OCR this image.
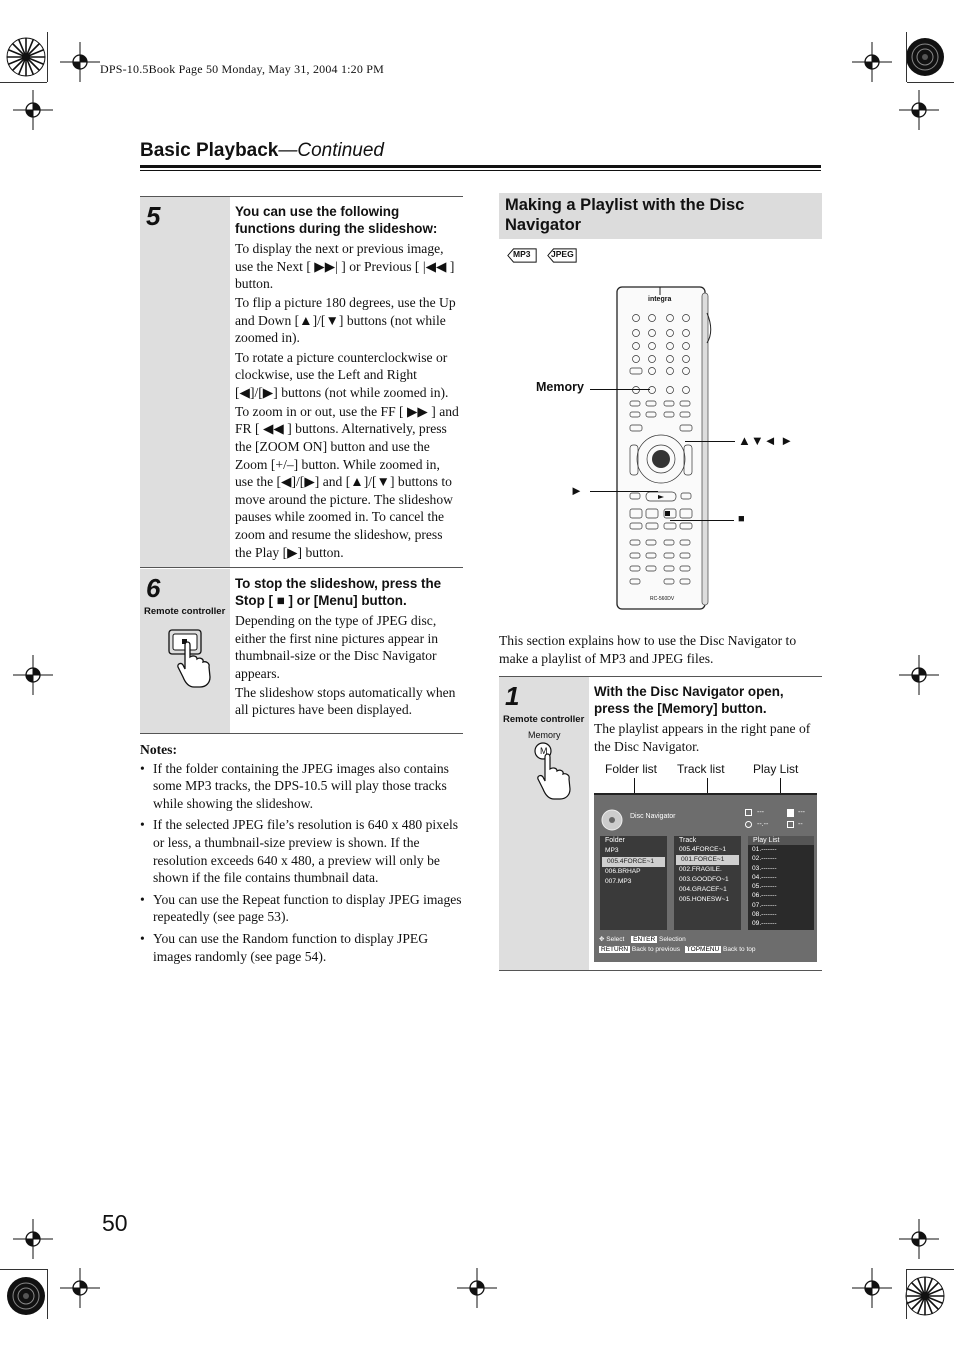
DPS-10.5Book Page 50 Monday, May 31, 2004 1:20 PM
Basic Playback—Continued
5	You can use the following functions during the slideshow:

To display the next or previous image, use the Next [ ▶▶| ] or Previous [ |◀◀ ] button.

To flip a picture 180 degrees, use the Up and Down [▲]/[▼] buttons (not while zoomed in).

To rotate a picture counterclockwise or clockwise, use the Left and Right [◀]/[▶] buttons (not while zoomed in).

To zoom in or out, use the FF [ ▶▶ ] and FR [ ◀◀ ] buttons. Alternatively, press the [ZOOM ON] button and use the Zoom [+/–] button. While zoomed in, use the [◀]/[▶] and [▲]/[▼] buttons to move around the picture. The slideshow pauses while zoomed in. To cancel the zoom and resume the slideshow, press the Play [▶] button.

6
Remote controller
To stop the slideshow, press the Stop [ ■ ] or [Menu] button.

Depending on the type of JPEG disc, either the first nine pictures appear in thumbnail-size or the Disc Navigator appears.

The slideshow stops automatically when all pictures have been displayed.

Notes:
• If the folder containing the JPEG images also contains some MP3 tracks, the DPS-10.5 will play those tracks while showing the slideshow.
• If the selected JPEG file’s resolution is 640 x 480 pixels or less, a thumbnail-size preview is shown. If the resolution exceeds 640 x 480, a preview will only be shown if the file contains thumbnail data.
• You can use the Repeat function to display JPEG images repeatedly (see page 53).
• You can use the Random function to display JPEG images randomly (see page 54).
Making a Playlist with the Disc Navigator
MP3 JPEG
integra
RC-560DV
Memory
▲▼◄ ►
►
■
This section explains how to use the Disc Navigator to make a playlist of MP3 and JPEG files.
1
Remote controller
Memory
M
With the Disc Navigator open, press the [Memory] button.

The playlist appears in the right pane of the Disc Navigator.

Folder list Track list Play List
Disc Navigator
---	---
--.--	--
Folder
MP3
005.4FORCE~1
006.BRHAP
007.MP3
Track
005.4FORCE~1
001.FORCE~1
002.FRAGILE.
003.GOODFO~1
004.GRACEF~1
005.HONESW~1
Play List
01.-------
02.-------
03.-------
04.-------
05.-------
06.-------
07.-------
08.-------
09.-------
✥ Select ENTER Selection
RETURN Back to previous TOPMENU Back to top
50
